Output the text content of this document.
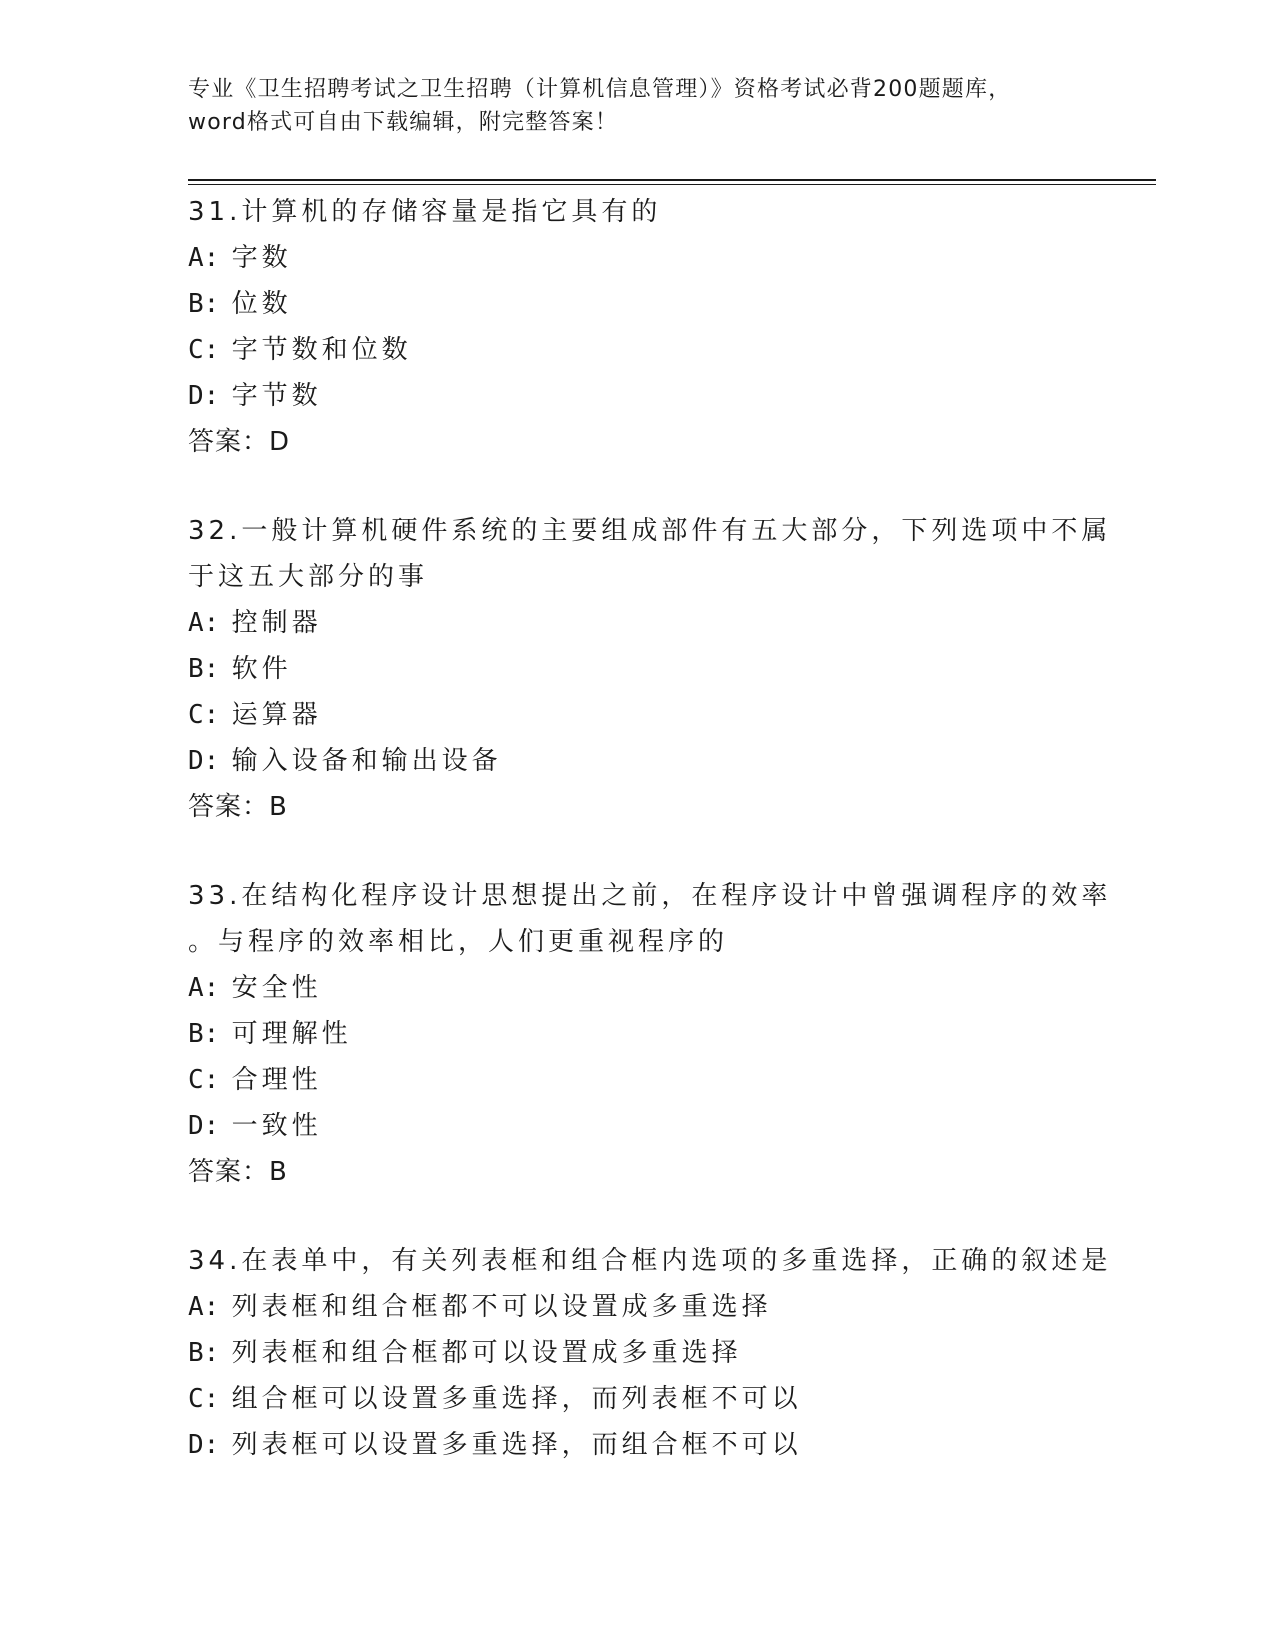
专业《卫生招聘考试之卫生招聘（计算机信息管理）》资格考试必背200题题库，
word格式可自由下载编辑，附完整答案！
31.计算机的存储容量是指它具有的
A: 字数
B: 位数
C: 字节数和位数
D: 字节数
答案：D
32.一般计算机硬件系统的主要组成部件有五大部分，下列选项中不属
于这五大部分的事
A: 控制器
B: 软件
C: 运算器
D: 输入设备和输出设备
答案：B
33.在结构化程序设计思想提出之前，在程序设计中曾强调程序的效率
。与程序的效率相比，人们更重视程序的
A: 安全性
B: 可理解性
C: 合理性
D: 一致性
答案：B
34.在表单中，有关列表框和组合框内选项的多重选择，正确的叙述是
A: 列表框和组合框都不可以设置成多重选择
B: 列表框和组合框都可以设置成多重选择
C: 组合框可以设置多重选择，而列表框不可以
D: 列表框可以设置多重选择，而组合框不可以
